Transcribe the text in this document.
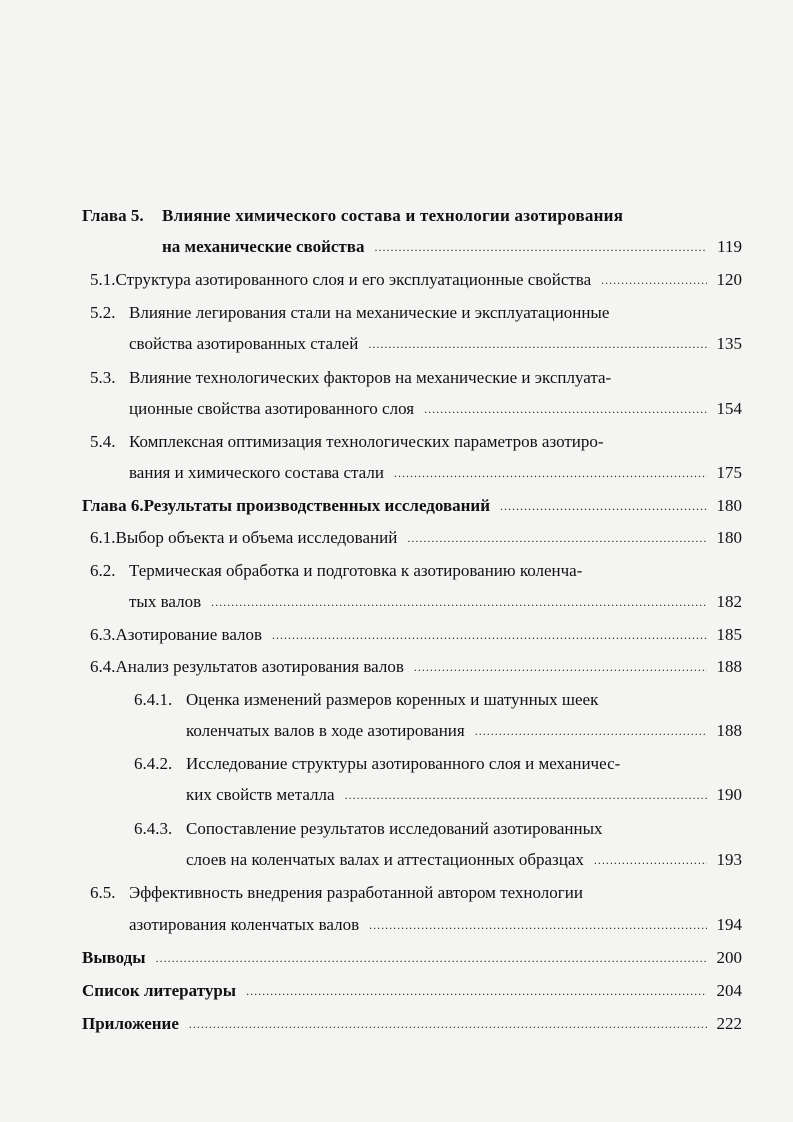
Глава 5.	Влияние химического состава и технологии азотирования
на механические свойства .....	119
5.1. Структура азотированного слоя и его эксплуатационные свойства .....	120
5.2. Влияние легирования стали на механические и эксплуатационные
свойства азотированных сталей .....	135
5.3. Влияние технологических факторов на механические и эксплуата-
ционные свойства азотированного слоя .....	154
5.4. Комплексная оптимизация технологических параметров азотиро-
вания и химического состава стали .....	175
Глава 6. Результаты производственных исследований .....	180
6.1. Выбор объекта и объема исследований .....	180
6.2. Термическая обработка и подготовка к азотированию коленча-
тых валов .....	182
6.3. Азотирование валов .....	185
6.4. Анализ результатов азотирования валов .....	188
6.4.1. Оценка изменений размеров коренных и шатунных шеек
коленчатых валов в ходе азотирования .....	188
6.4.2. Исследование структуры азотированного слоя и механичес-
ких свойств металла .....	190
6.4.3. Сопоставление результатов исследований азотированных
слоев на коленчатых валах и аттестационных образцах .....	193
6.5. Эффективность внедрения разработанной автором технологии
азотирования коленчатых валов .....	194
Выводы .....	200
Список литературы .....	204
Приложение .....	222
